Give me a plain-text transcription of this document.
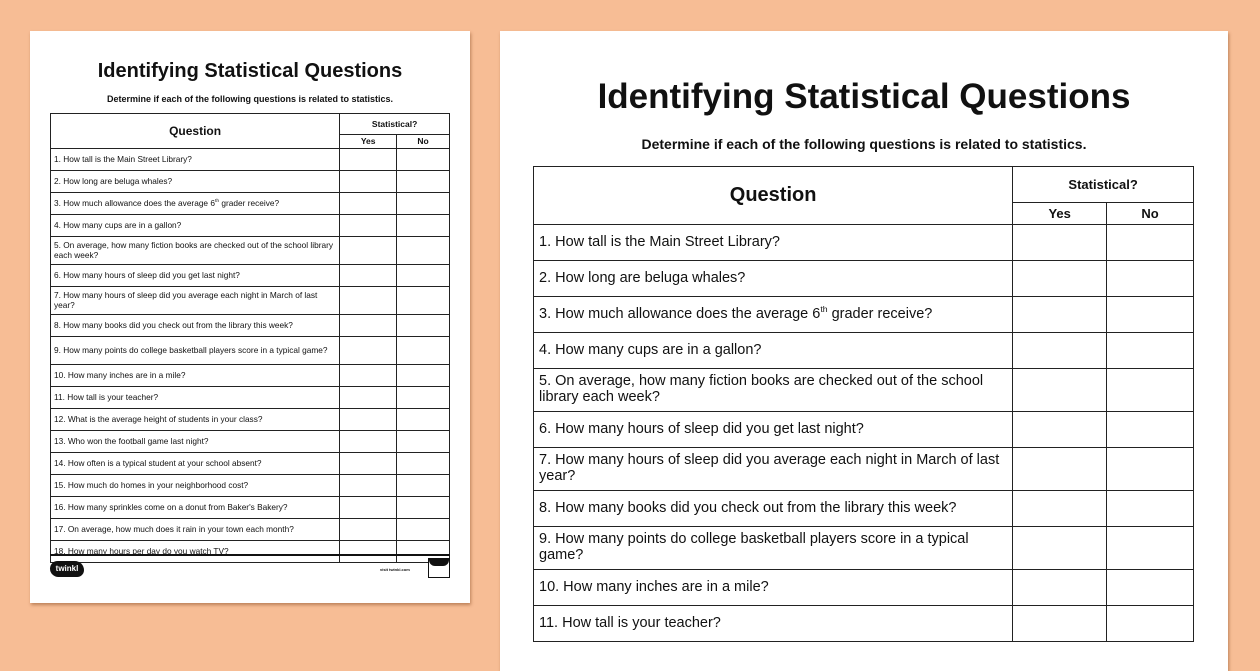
Identifying Statistical Questions

Determine if each of the following questions is related to statistics.

Question	Statistical?	
	Yes	No
1. How tall is the Main Street Library?		
2. How long are beluga whales?		
3. How much allowance does the average 6th grader receive?		
4. How many cups are in a gallon?		
5. On average, how many fiction books are checked out of the school library each week?		
6. How many hours of sleep did you get last night?		
7. How many hours of sleep did you average each night in March of last year?		
8. How many books did you check out from the library this week?		
9. How many points do college basketball players score in a typical game?		
10. How many inches are in a mile?		
11. How tall is your teacher?		
12. What is the average height of students in your class?		
13. Who won the football game last night?		
14. How often is a typical student at your school absent?		
15. How much do homes in your neighborhood cost?		
16. How many sprinkles come on a donut from Baker's Bakery?		
17. On average, how much does it rain in your town each month?		
18. How many hours per day do you watch TV?		
twinkl	visit twinkl.com
Identifying Statistical Questions

Determine if each of the following questions is related to statistics.

Question	Statistical?	
	Yes	No
1. How tall is the Main Street Library?		
2. How long are beluga whales?		
3. How much allowance does the average 6th grader receive?		
4. How many cups are in a gallon?		
5. On average, how many fiction books are checked out of the school library each week?		
6. How many hours of sleep did you get last night?		
7. How many hours of sleep did you average each night in March of last year?		
8. How many books did you check out from the library this week?		
9. How many points do college basketball players score in a typical game?		
10. How many inches are in a mile?		
11. How tall is your teacher?		
